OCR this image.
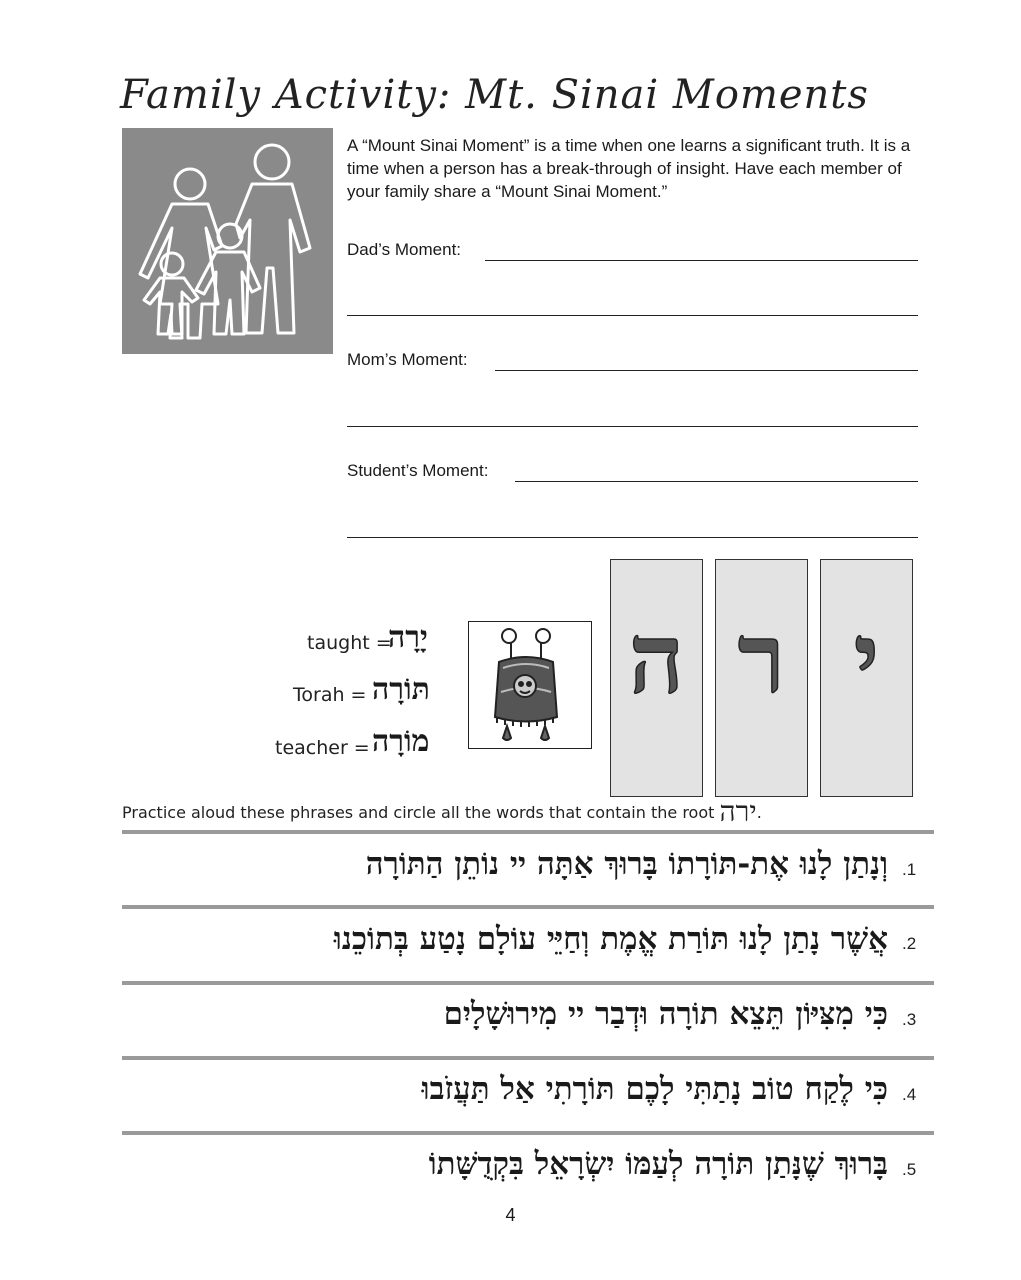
Family Activity: Mt. Sinai Moments
A “Mount Sinai Moment” is a time when one learns a significant truth. It is a time when a person has a break-through of insight. Have each member of your family share a “Mount Sinai Moment.”
Dad’s Moment:
Mom’s Moment:
Student’s Moment:
י
ר
ה
taught =
יָרָה
Torah = תּוֹרָה
teacher = מוֹרָה
Practice aloud these phrases and circle all the words that contain the root ירה.
וְנָתַן לָנוּ אֶת-תּוֹרָתוֹ בָּרוּךְ אַתָּה יי נוֹתֵן הַתּוֹרָה .1
אֲשֶׁר נָתַן לָנוּ תּוֹרַת אֱמֶת וְחַיֵּי עוֹלָם נָטַע בְּתוֹכֵנוּ .2
כִּי מִצִּיּוֹן תֵּצֵא תוֹרָה וּדְבַר יי מִירוּשָׁלָיִם .3
כִּי לֶקַח טוֹב נָתַתִּי לָכֶם תּוֹרָתִי אַל תַּעֲזֹבוּ .4
בָּרוּךְ שֶׁנָּתַן תּוֹרָה לְעַמּוֹ יִשְׂרָאֵל בִּקְדֻשָּׁתוֹ .5
4
